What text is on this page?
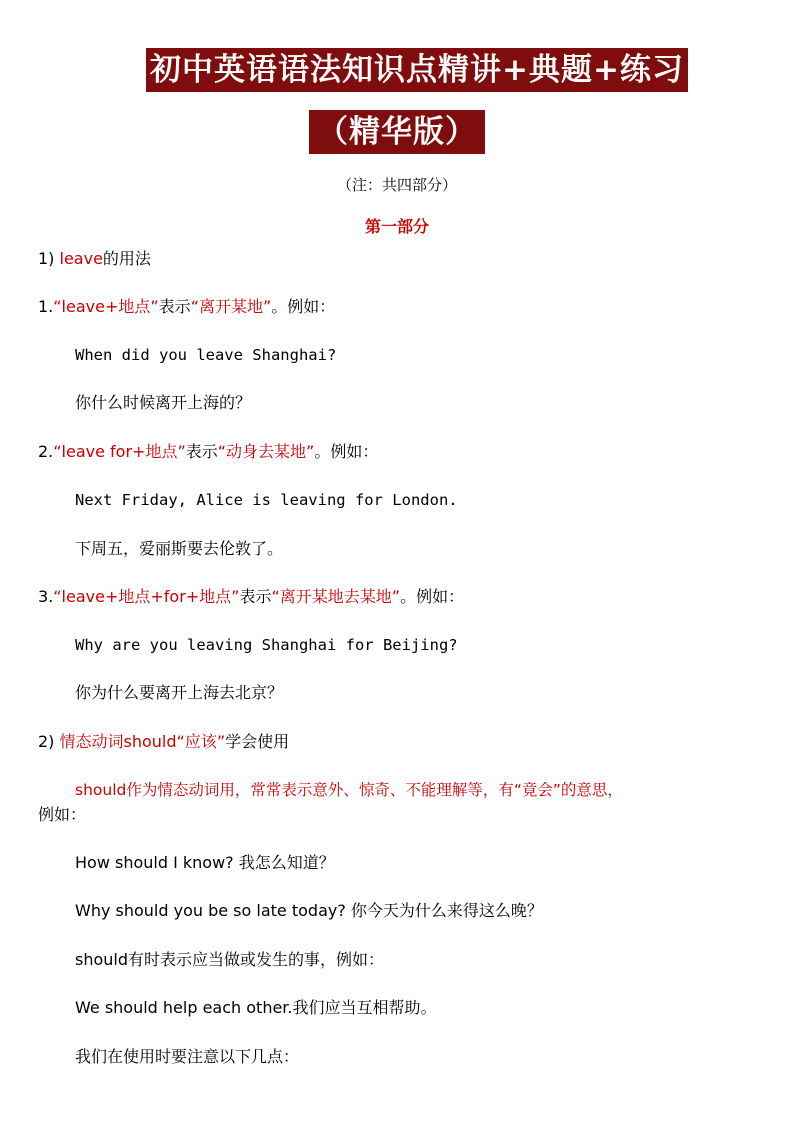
初中英语语法知识点精讲+典题+练习
（精华版）
（注：共四部分）
第一部分
1) leave的用法
1.“leave+地点”表示“离开某地”。例如：
When did you leave Shanghai?
你什么时候离开上海的？
2.“leave for+地点”表示“动身去某地”。例如：
Next Friday, Alice is leaving for London.
下周五，爱丽斯要去伦敦了。
3.“leave+地点+for+地点”表示“离开某地去某地”。例如：
Why are you leaving Shanghai for Beijing?
你为什么要离开上海去北京？
2) 情态动词should“应该”学会使用
should作为情态动词用，常常表示意外、惊奇、不能理解等，有“竟会”的意思，
例如：
How should I know? 我怎么知道？
Why should you be so late today? 你今天为什么来得这么晚？
should有时表示应当做或发生的事，例如：
We should help each other.我们应当互相帮助。
我们在使用时要注意以下几点：
